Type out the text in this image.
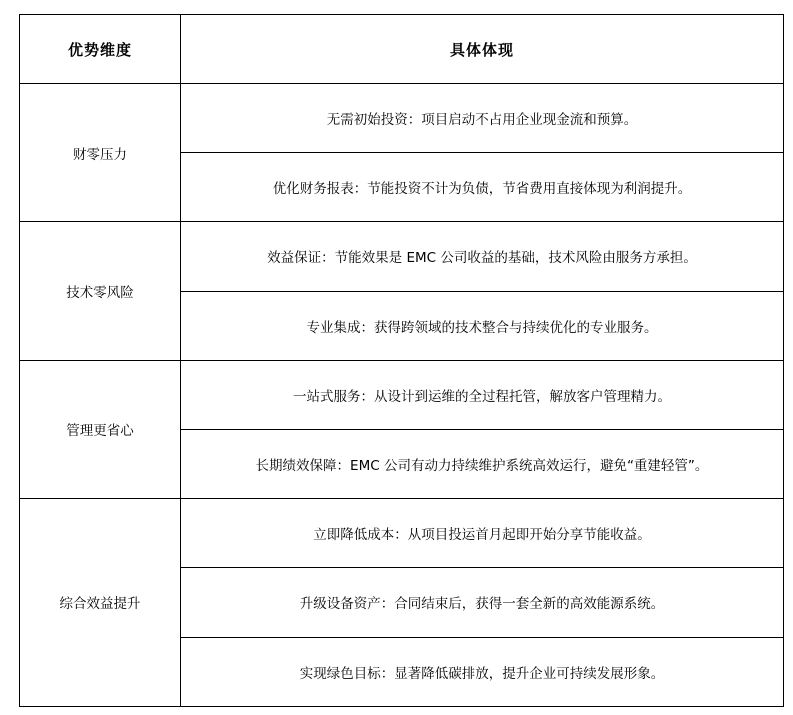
优势维度	具体体现
财零压力	无需初始投资：项目启动不占用企业现金流和预算。
	优化财务报表：节能投资不计为负债，节省费用直接体现为利润提升。
技术零风险	效益保证：节能效果是 EMC 公司收益的基础，技术风险由服务方承担。
	专业集成：获得跨领域的技术整合与持续优化的专业服务。
管理更省心	一站式服务：从设计到运维的全过程托管，解放客户管理精力。
	长期绩效保障：EMC 公司有动力持续维护系统高效运行，避免“重建轻管”。
综合效益提升	立即降低成本：从项目投运首月起即开始分享节能收益。
	升级设备资产：合同结束后，获得一套全新的高效能源系统。
	实现绿色目标：显著降低碳排放，提升企业可持续发展形象。
